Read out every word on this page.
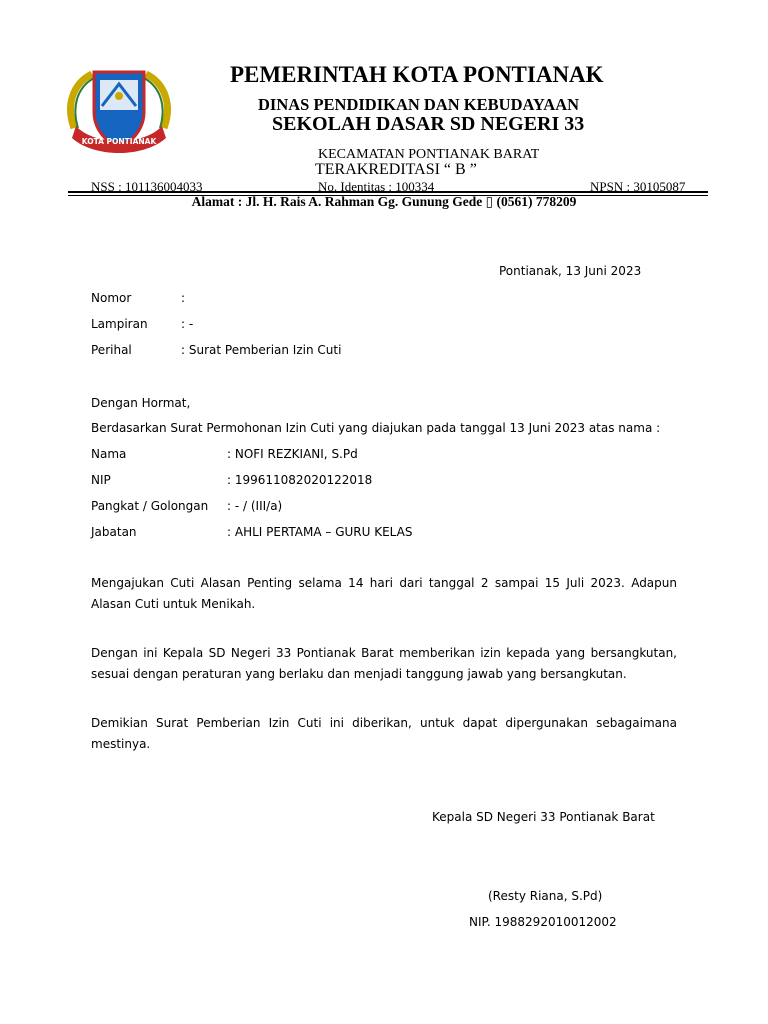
KOTA PONTIANAK
PEMERINTAH KOTA PONTIANAK
DINAS PENDIDIKAN DAN KEBUDAYAAN
SEKOLAH DASAR SD NEGERI 33
KECAMATAN PONTIANAK BARAT
TERAKREDITASI “ B ”
NSS : 101136004033	No. Identitas : 100334	NPSN : 30105087
Alamat : Jl. H. Rais A. Rahman Gg. Gunung Gede ▯ (0561) 778209
Pontianak, 13 Juni 2023
Nomor	:
Lampiran	: -
Perihal	: Surat Pemberian Izin Cuti
Dengan Hormat,
Berdasarkan Surat Permohonan Izin Cuti yang diajukan pada tanggal 13 Juni 2023 atas nama :
Nama	: NOFI REZKIANI, S.Pd
NIP	: 199611082020122018
Pangkat / Golongan : - / (III/a)
Jabatan	: AHLI PERTAMA – GURU KELAS
Mengajukan Cuti Alasan Penting selama 14 hari dari tanggal 2 sampai 15 Juli 2023. Adapun Alasan Cuti untuk Menikah.
Dengan ini Kepala SD Negeri 33 Pontianak Barat memberikan izin kepada yang bersangkutan, sesuai dengan peraturan yang berlaku dan menjadi tanggung jawab yang bersangkutan.
Demikian Surat Pemberian Izin Cuti ini diberikan, untuk dapat dipergunakan sebagaimana mestinya.
Kepala SD Negeri 33 Pontianak Barat
(Resty Riana, S.Pd)
NIP. 1988292010012002
